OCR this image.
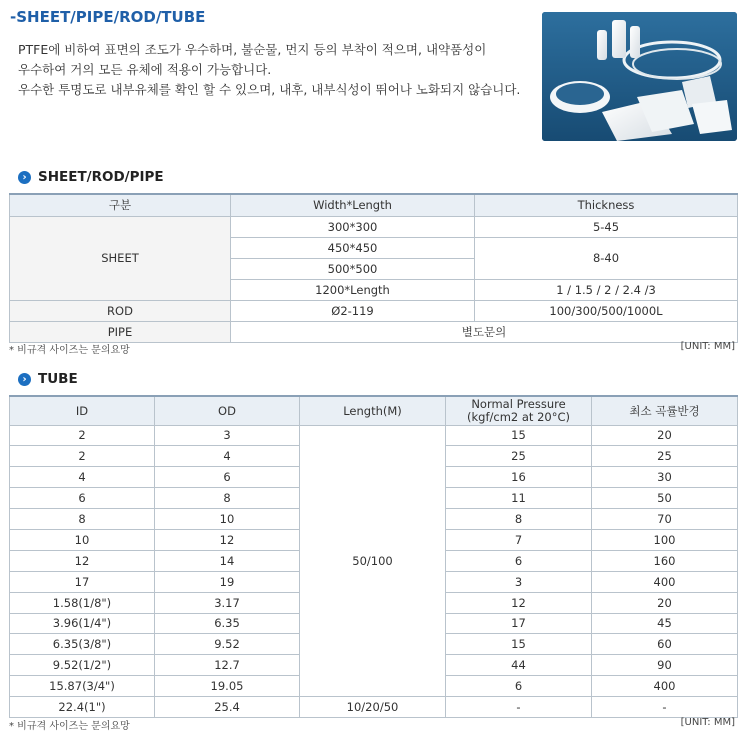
-SHEET/PIPE/ROD/TUBE
PTFE에 비하여 표면의 조도가 우수하며, 불순물, 먼지 등의 부착이 적으며, 내약품성이
우수하여 거의 모든 유체에 적용이 가능합니다.
우수한 투명도로 내부유체를 확인 할 수 있으며, 내후, 내부식성이 뛰어나 노화되지 않습니다.
› SHEET/ROD/PIPE
구분	Width*Length	Thickness
SHEET	300*300	5-45
	450*450	8-40
	500*500	
	1200*Length	1 / 1.5 / 2 / 2.4 /3
ROD	Ø2-119	100/300/500/1000L
PIPE	별도문의	
* 비규격 사이즈는 문의요망	[UNIT: MM]
› TUBE
ID	OD	Length(M)	Normal Pressure
(kgf/cm2 at 20°C)	최소 곡률반경
2	3	50/100	15	20
2	4		25	25
4	6		16	30
6	8		11	50
8	10		8	70
10	12		7	100
12	14		6	160
17	19		3	400
1.58(1/8")	3.17		12	20
3.96(1/4")	6.35		17	45
6.35(3/8")	9.52		15	60
9.52(1/2")	12.7		44	90
15.87(3/4")	19.05		6	400
22.4(1")	25.4	10/20/50	-	-
* 비규격 사이즈는 문의요망	[UNIT: MM]
